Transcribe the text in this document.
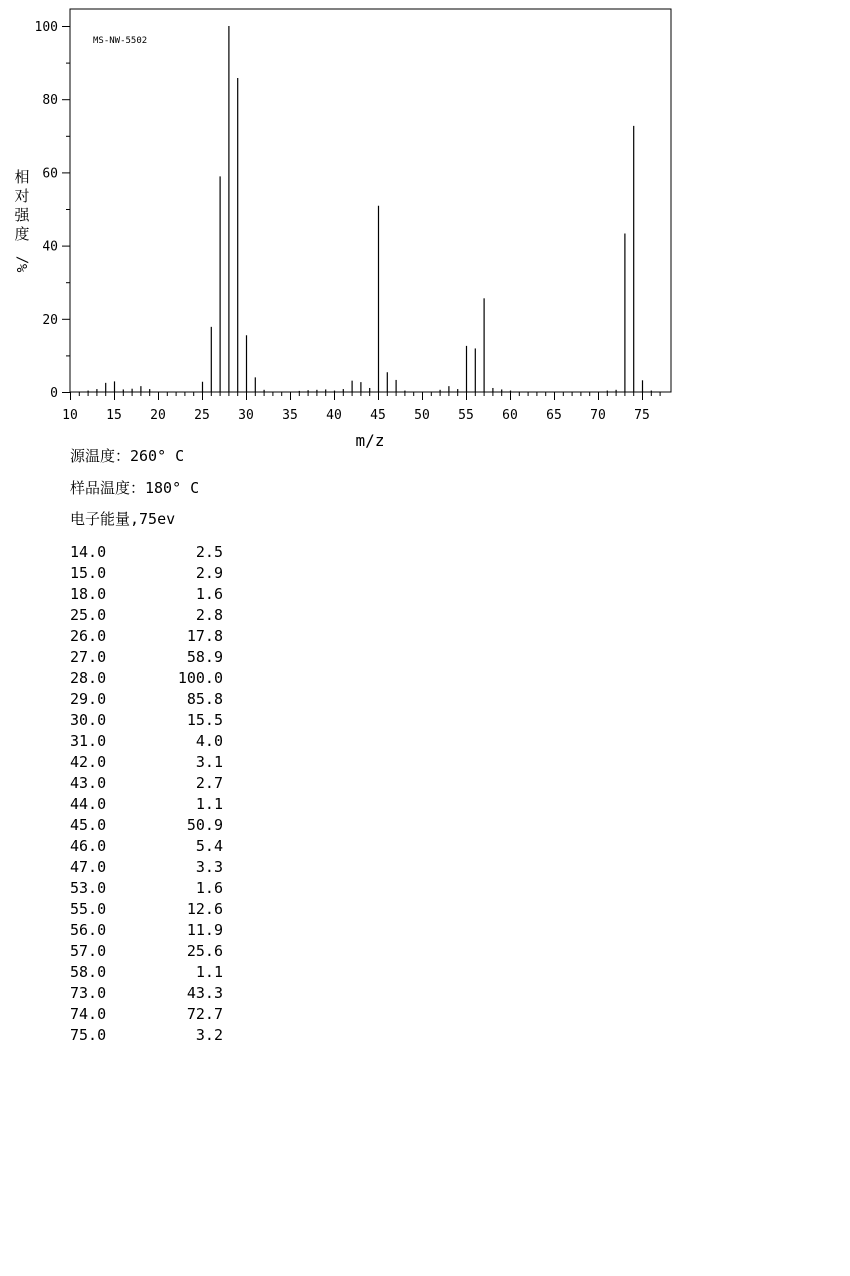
10 15 20 25 30 35 40 45 50 55 60 65 70 75
0
20
40
60
80
100
MS-NW-5502
m/z
相
对
强
度
%/
源温度：260° C
样品温度：180° C
电子能量,75ev
14.0	2.5
15.0	2.9
18.0	1.6
25.0	2.8
26.0	17.8
27.0	58.9
28.0	100.0
29.0	85.8
30.0	15.5
31.0	4.0
42.0	3.1
43.0	2.7
44.0	1.1
45.0	50.9
46.0	5.4
47.0	3.3
53.0	1.6
55.0	12.6
56.0	11.9
57.0	25.6
58.0	1.1
73.0	43.3
74.0	72.7
75.0	3.2
